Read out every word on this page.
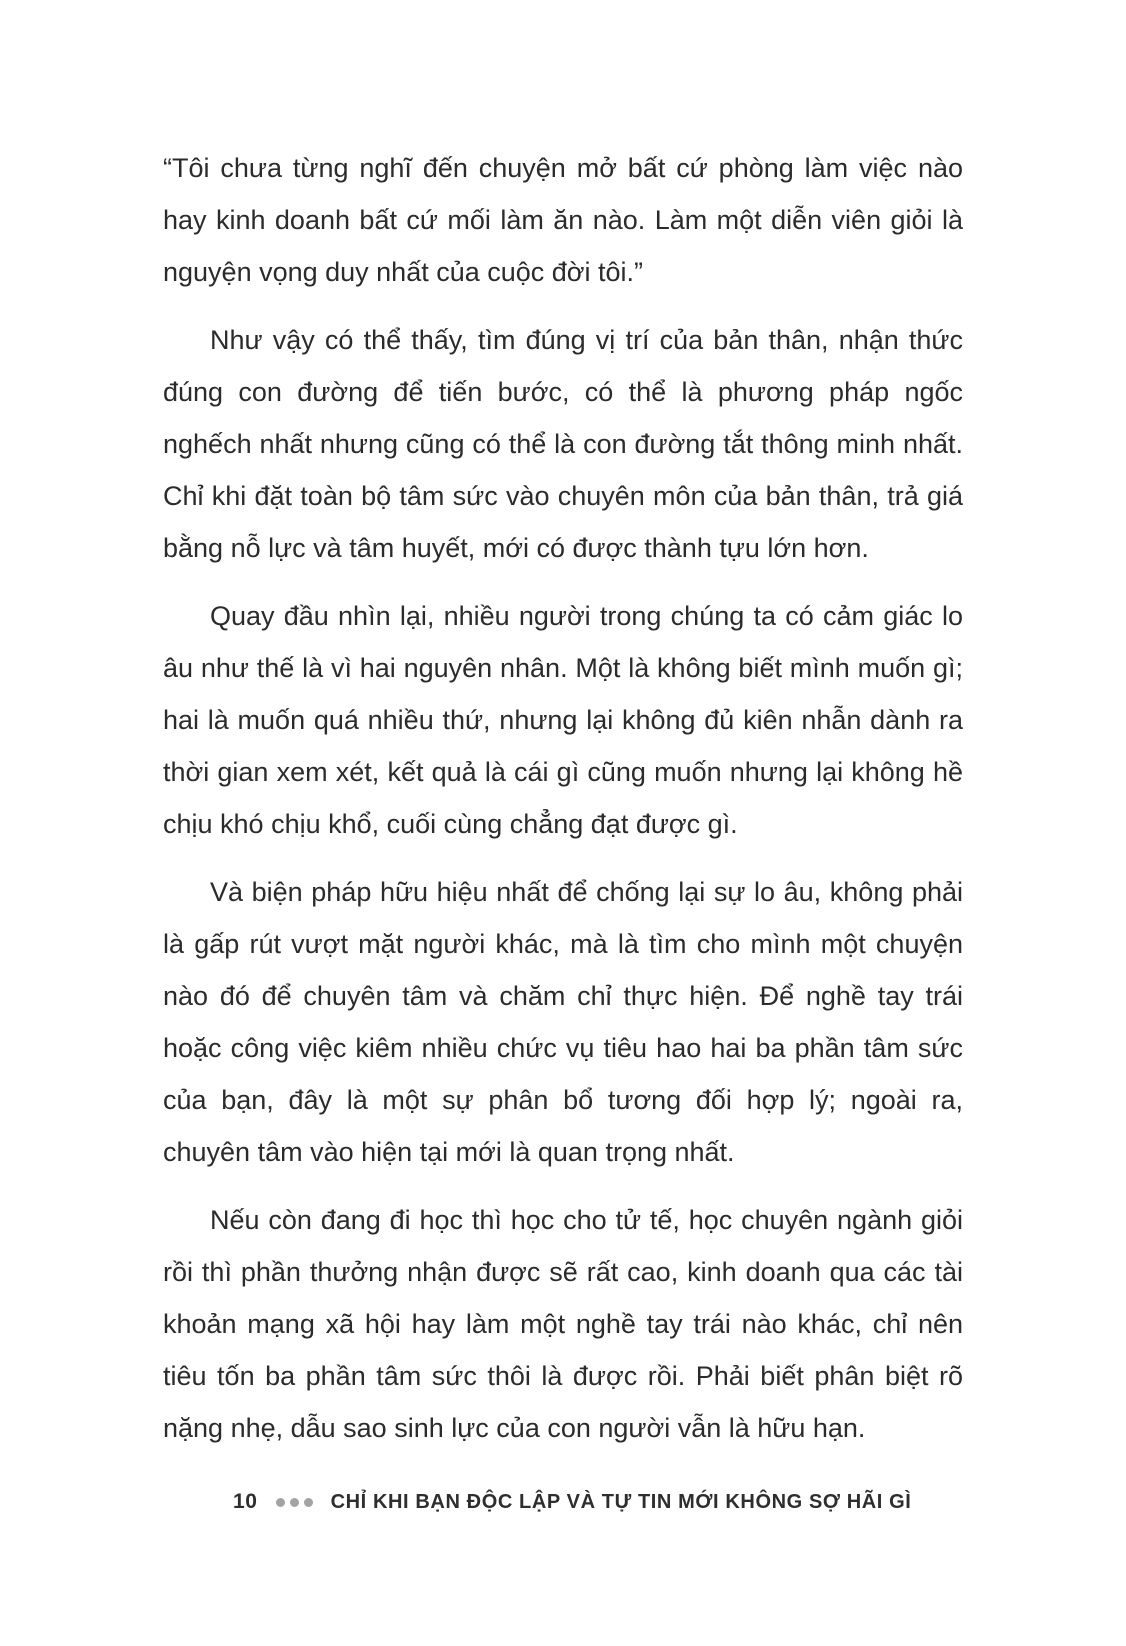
“Tôi chưa từng nghĩ đến chuyện mở bất cứ phòng làm việc nào hay kinh doanh bất cứ mối làm ăn nào. Làm một diễn viên giỏi là nguyện vọng duy nhất của cuộc đời tôi.”

Như vậy có thể thấy, tìm đúng vị trí của bản thân, nhận thức đúng con đường để tiến bước, có thể là phương pháp ngốc nghếch nhất nhưng cũng có thể là con đường tắt thông minh nhất. Chỉ khi đặt toàn bộ tâm sức vào chuyên môn của bản thân, trả giá bằng nỗ lực và tâm huyết, mới có được thành tựu lớn hơn.

Quay đầu nhìn lại, nhiều người trong chúng ta có cảm giác lo âu như thế là vì hai nguyên nhân. Một là không biết mình muốn gì; hai là muốn quá nhiều thứ, nhưng lại không đủ kiên nhẫn dành ra thời gian xem xét, kết quả là cái gì cũng muốn nhưng lại không hề chịu khó chịu khổ, cuối cùng chẳng đạt được gì.

Và biện pháp hữu hiệu nhất để chống lại sự lo âu, không phải là gấp rút vượt mặt người khác, mà là tìm cho mình một chuyện nào đó để chuyên tâm và chăm chỉ thực hiện. Để nghề tay trái hoặc công việc kiêm nhiều chức vụ tiêu hao hai ba phần tâm sức của bạn, đây là một sự phân bổ tương đối hợp lý; ngoài ra, chuyên tâm vào hiện tại mới là quan trọng nhất.

Nếu còn đang đi học thì học cho tử tế, học chuyên ngành giỏi rồi thì phần thưởng nhận được sẽ rất cao, kinh doanh qua các tài khoản mạng xã hội hay làm một nghề tay trái nào khác, chỉ nên tiêu tốn ba phần tâm sức thôi là được rồi. Phải biết phân biệt rõ nặng nhẹ, dẫu sao sinh lực của con người vẫn là hữu hạn.

10	CHỈ KHI BẠN ĐỘC LẬP VÀ TỰ TIN MỚI KHÔNG SỢ HÃI GÌ
